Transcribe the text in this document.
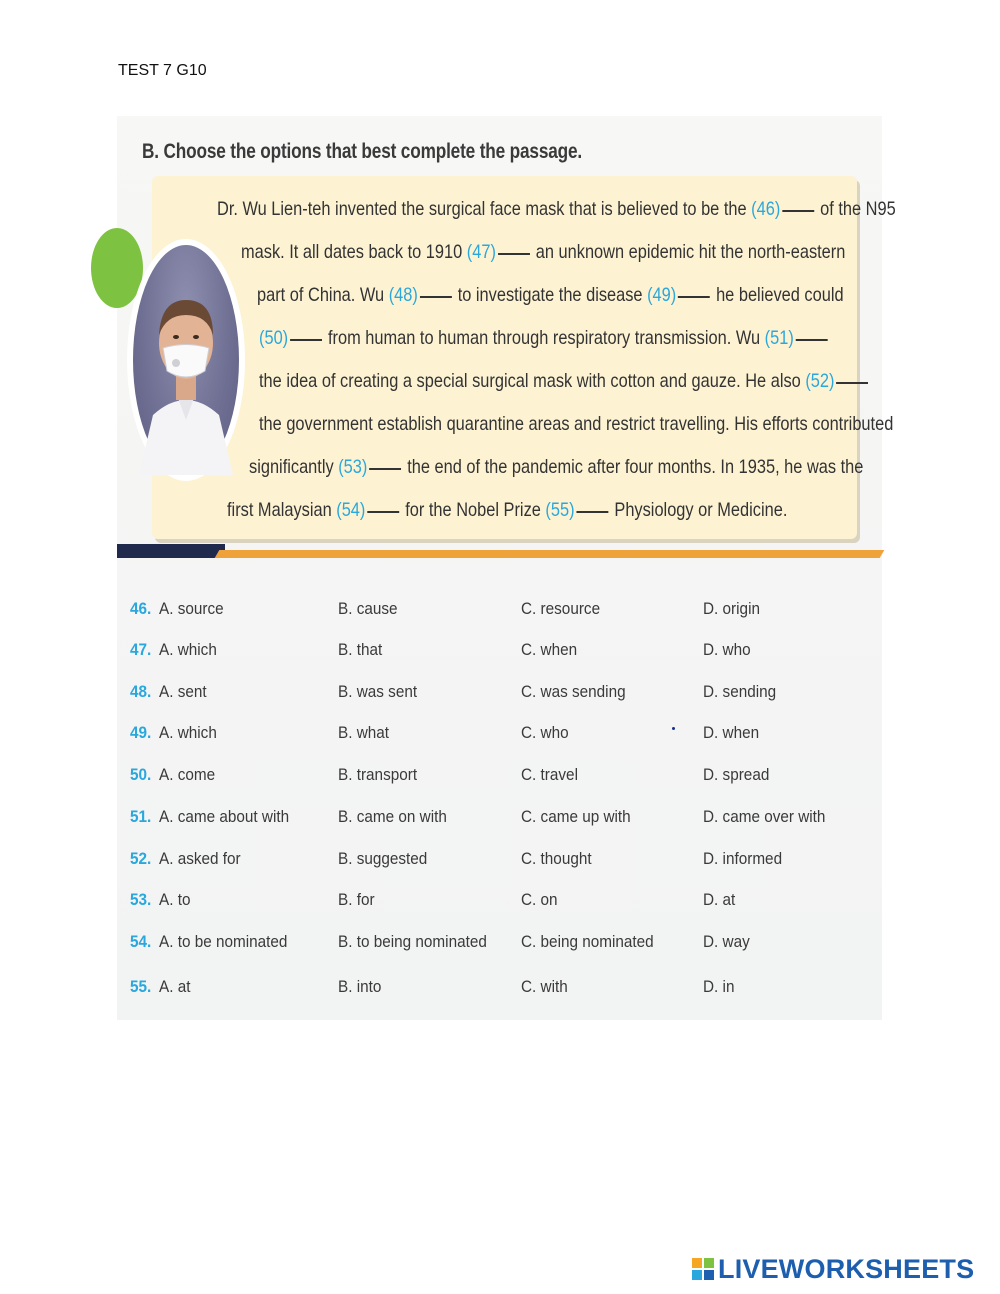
TEST 7 G10
B. Choose the options that best complete the passage.
Dr. Wu Lien-teh invented the surgical face mask that is believed to be the (46) of the N95
mask. It all dates back to 1910 (47) an unknown epidemic hit the north-eastern
part of China. Wu (48) to investigate the disease (49) he believed could
(50) from human to human through respiratory transmission. Wu (51)
the idea of creating a special surgical mask with cotton and gauze. He also (52)
the government establish quarantine areas and restrict travelling. His efforts contributed
significantly (53) the end of the pandemic after four months. In 1935, he was the
first Malaysian (54) for the Nobel Prize (55) Physiology or Medicine.
46. A. source	B. cause	C. resource	D. origin
47. A. which	B. that	C. when	D. who
48. A. sent	B. was sent	C. was sending	D. sending
49. A. which	B. what	C. who	D. when
50. A. come	B. transport	C. travel	D. spread
51. A. came about with	B. came on with	C. came up with	D. came over with
52. A. asked for	B. suggested	C. thought	D. informed
53. A. to	B. for	C. on	D. at
54. A. to be nominated	B. to being nominated C. being nominated	D. way
55. A. at	B. into	C. with	D. in
LIVEWORKSHEETS
